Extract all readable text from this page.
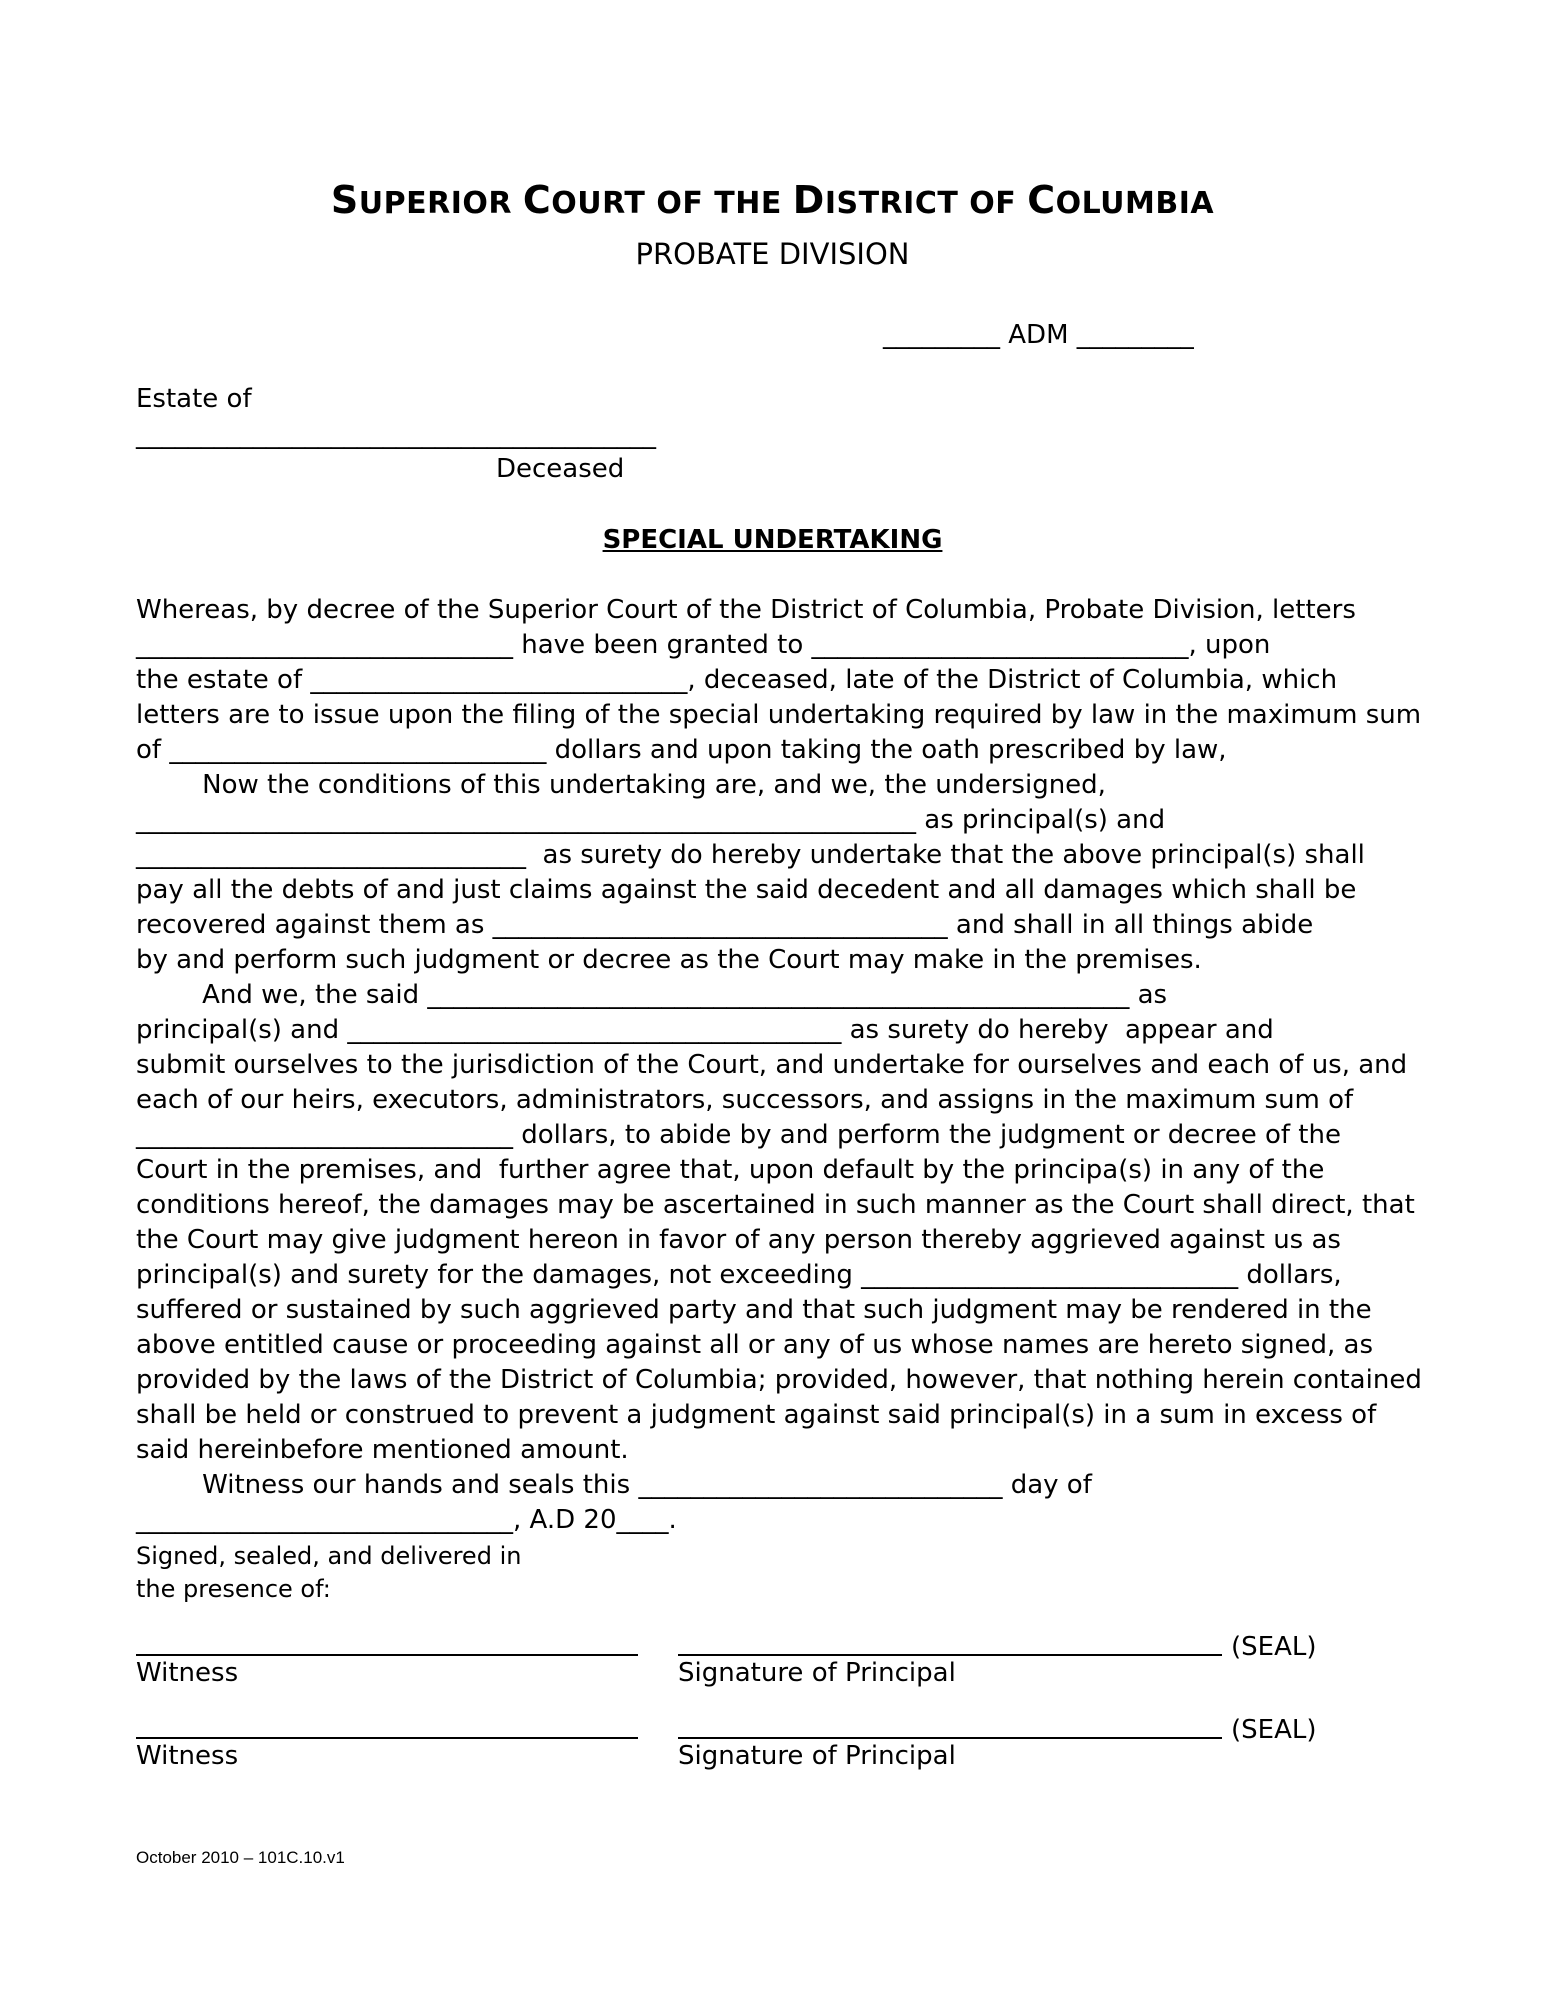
SUPERIOR COURT OF THE DISTRICT OF COLUMBIA
PROBATE DIVISION
_________ ADM _________
Estate of
________________________________________
Deceased
SPECIAL UNDERTAKING
Whereas, by decree of the Superior Court of the District of Columbia, Probate Division, letters
_____________________________ have been granted to _____________________________, upon
the estate of _____________________________, deceased, late of the District of Columbia, which
letters are to issue upon the filing of the special undertaking required by law in the maximum sum
of _____________________________ dollars and upon taking the oath prescribed by law,
Now the conditions of this undertaking are, and we, the undersigned,
____________________________________________________________ as principal(s) and
______________________________  as surety do hereby undertake that the above principal(s) shall
pay all the debts of and just claims against the said decedent and all damages which shall be
recovered against them as ___________________________________ and shall in all things abide
by and perform such judgment or decree as the Court may make in the premises.
And we, the said ______________________________________________________ as
principal(s) and ______________________________________ as surety do hereby  appear and
submit ourselves to the jurisdiction of the Court, and undertake for ourselves and each of us, and
each of our heirs, executors, administrators, successors, and assigns in the maximum sum of
_____________________________ dollars, to abide by and perform the judgment or decree of the
Court in the premises, and  further agree that, upon default by the principa(s) in any of the
conditions hereof, the damages may be ascertained in such manner as the Court shall direct, that
the Court may give judgment hereon in favor of any person thereby aggrieved against us as
principal(s) and surety for the damages, not exceeding _____________________________ dollars,
suffered or sustained by such aggrieved party and that such judgment may be rendered in the
above entitled cause or proceeding against all or any of us whose names are hereto signed, as
provided by the laws of the District of Columbia; provided, however, that nothing herein contained
shall be held or construed to prevent a judgment against said principal(s) in a sum in excess of
said hereinbefore mentioned amount.
Witness our hands and seals this ____________________________ day of
_____________________________, A.D 20____.
Signed, sealed, and delivered in
the presence of:
(SEAL)
Witness	Signature of Principal
(SEAL)
Witness	Signature of Principal
October 2010 – 101C.10.v1
